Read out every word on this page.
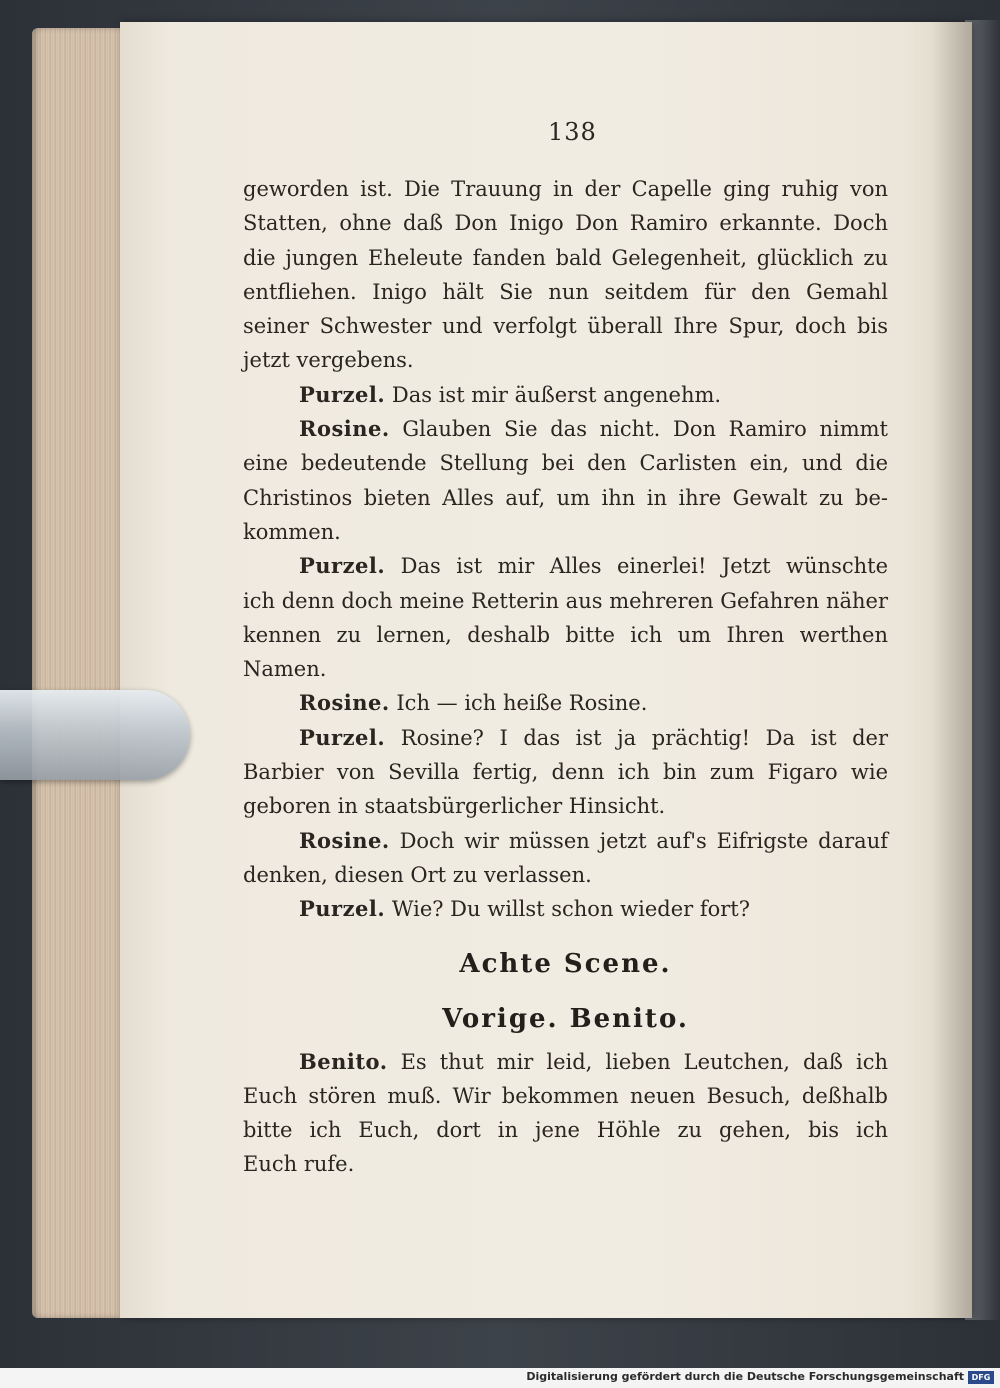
138
geworden ist. Die Trauung in der Capelle ging ruhig von
Statten, ohne daß Don Inigo Don Ramiro erkannte. Doch
die jungen Eheleute fanden bald Gelegenheit, glücklich zu
entfliehen. Inigo hält Sie nun seitdem für den Gemahl
seiner Schwester und verfolgt überall Ihre Spur, doch bis
jetzt vergebens.
Purzel. Das ist mir äußerst angenehm.
Rosine. Glauben Sie das nicht. Don Ramiro nimmt
eine bedeutende Stellung bei den Carlisten ein, und die
Christinos bieten Alles auf, um ihn in ihre Gewalt zu be-
kommen.
Purzel. Das ist mir Alles einerlei! Jetzt wünschte
ich denn doch meine Retterin aus mehreren Gefahren näher
kennen zu lernen, deshalb bitte ich um Ihren werthen
Namen.
Rosine. Ich — ich heiße Rosine.
Purzel. Rosine? I das ist ja prächtig! Da ist der
Barbier von Sevilla fertig, denn ich bin zum Figaro wie
geboren in staatsbürgerlicher Hinsicht.
Rosine. Doch wir müssen jetzt auf's Eifrigste darauf
denken, diesen Ort zu verlassen.
Purzel. Wie? Du willst schon wieder fort?
Achte Scene.
Vorige. Benito.
Benito. Es thut mir leid, lieben Leutchen, daß ich
Euch stören muß. Wir bekommen neuen Besuch, deßhalb
bitte ich Euch, dort in jene Höhle zu gehen, bis ich
Euch rufe.
Digitalisierung gefördert durch die Deutsche Forschungsgemeinschaft DFG
